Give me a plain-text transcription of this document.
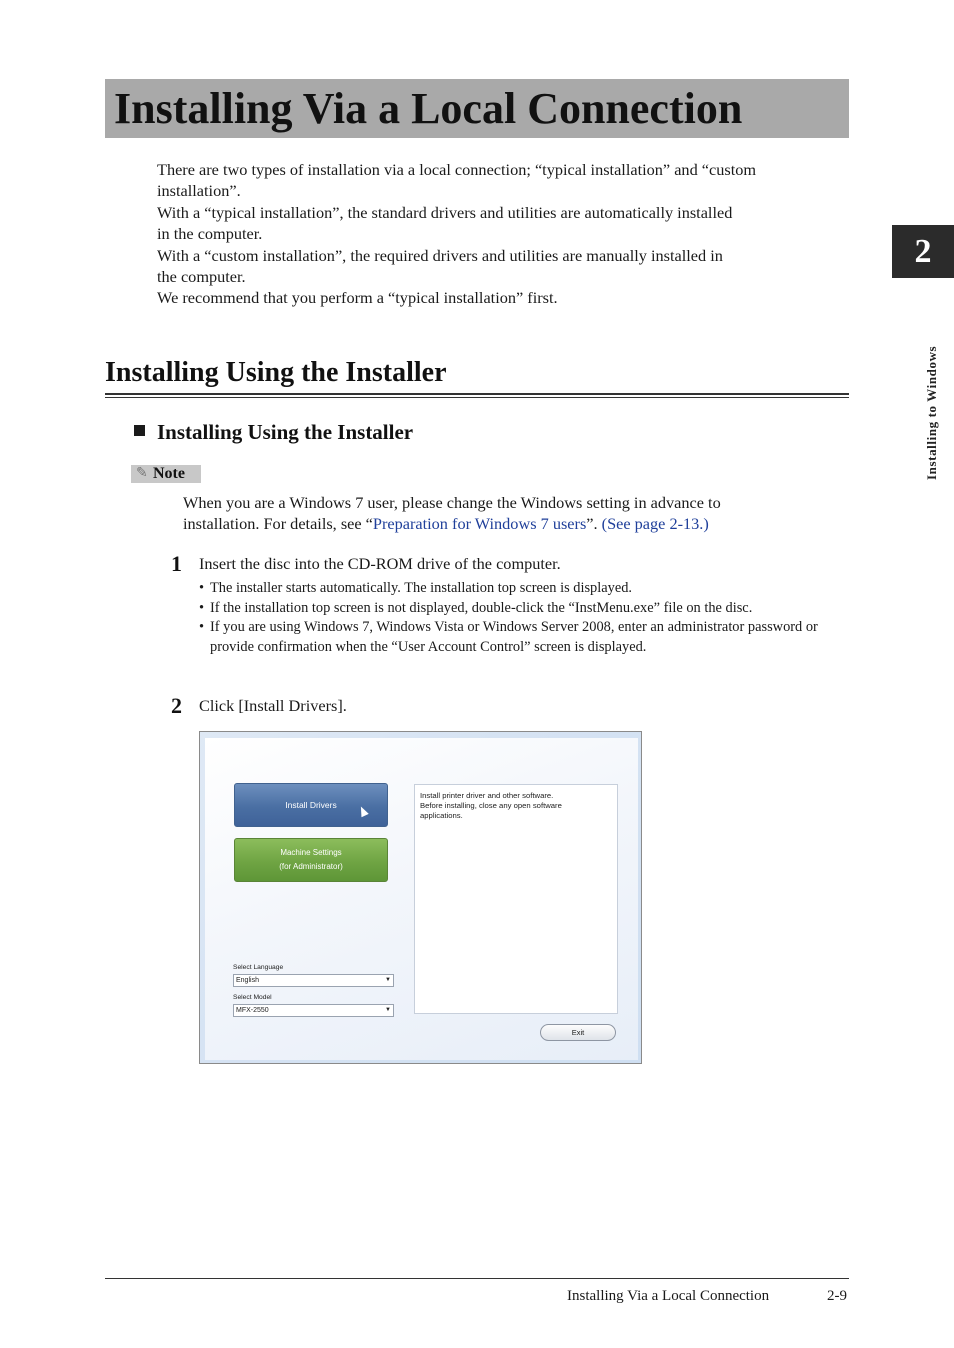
Installing Via a Local Connection
2
Installing to Windows

There are two types of installation via a local connection; “typical installation” and “custom

installation”.

With a “typical installation”, the standard drivers and utilities are automatically installed

in the computer.

With a “custom installation”, the required drivers and utilities are manually installed in

the computer.

We recommend that you perform a “typical installation” first.

Installing Using the Installer
Installing Using the Installer
✎ Note

When you are a Windows 7 user, please change the Windows setting in advance to

installation. For details, see “Preparation for Windows 7 users”. (See page 2-13.)

1 Insert the disc into the CD-ROM drive of the computer.
• The installer starts automatically. The installation top screen is displayed.
• If the installation top screen is not displayed, double-click the “InstMenu.exe” file on the disc.
• If you are using Windows 7, Windows Vista or Windows Server 2008, enter an administrator password or provide confirmation when the “User Account Control” screen is displayed.
2 Click [Install Drivers].
Install Drivers
Machine Settings
(for Administrator)
Install printer driver and other software.
Before installing, close any open software
applications.
Select Language
English	▼
Select Model
MFX-2550	▼
Exit
Installing Via a Local Connection	2-9
